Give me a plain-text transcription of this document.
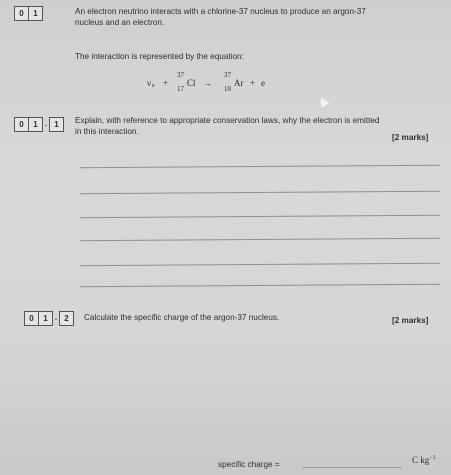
0	1	An electron neutrino interacts with a chlorine-37 nucleus to produce an argon-37
nucleus and an electron.
The interaction is represented by the equation:
ν e +
37
17
Cl →
37
18
Ar + e
0	1 . 1	Explain, with reference to appropriate conservation laws, why the electron is emitted
in this interaction.
[2 marks]
0	1 . 2	Calculate the specific charge of the argon-37 nucleus.	[2 marks]
specific charge =	C $kg^{-1}$
